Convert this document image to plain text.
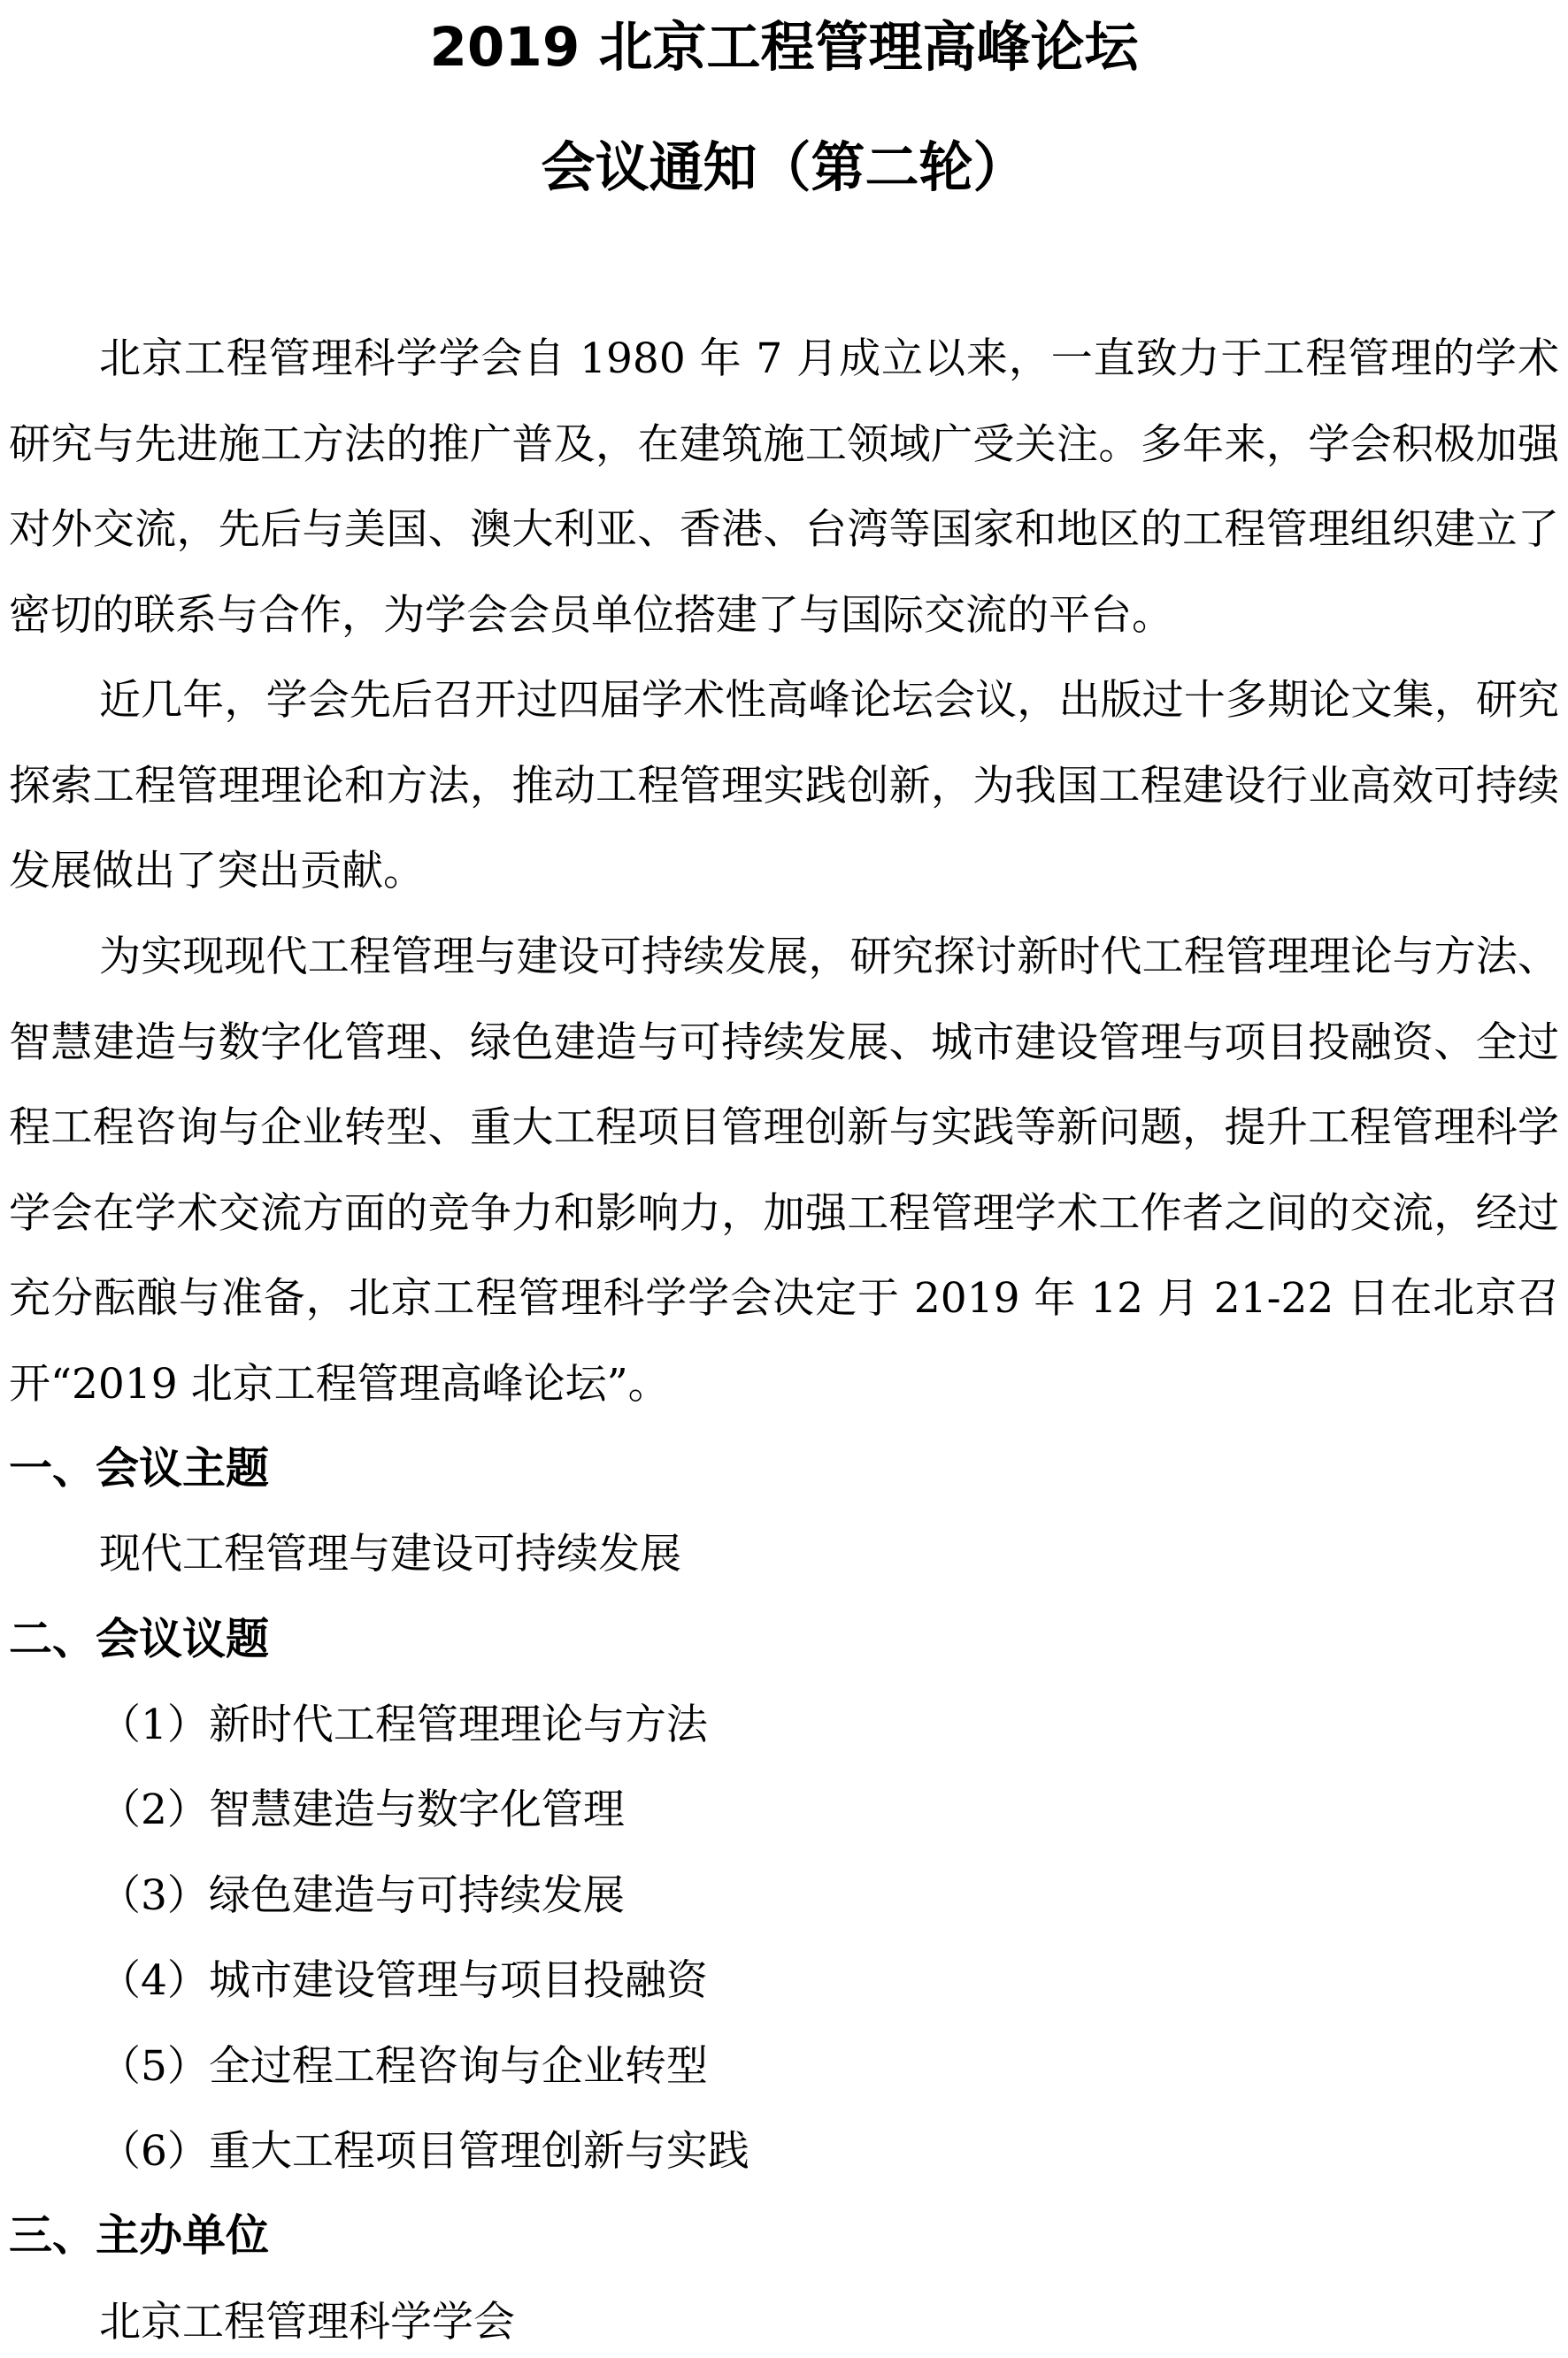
2019 北京工程管理高峰论坛
会议通知（第二轮）

北京工程管理科学学会自 1980 年 7 月成立以来，一直致力于工程管理的学术研究与先进施工方法的推广普及，在建筑施工领域广受关注。多年来，学会积极加强对外交流，先后与美国、澳大利亚、香港、台湾等国家和地区的工程管理组织建立了密切的联系与合作，为学会会员单位搭建了与国际交流的平台。

近几年，学会先后召开过四届学术性高峰论坛会议，出版过十多期论文集，研究探索工程管理理论和方法，推动工程管理实践创新，为我国工程建设行业高效可持续发展做出了突出贡献。

为实现现代工程管理与建设可持续发展，研究探讨新时代工程管理理论与方法、智慧建造与数字化管理、绿色建造与可持续发展、城市建设管理与项目投融资、全过程工程咨询与企业转型、重大工程项目管理创新与实践等新问题，提升工程管理科学学会在学术交流方面的竞争力和影响力，加强工程管理学术工作者之间的交流，经过充分酝酿与准备，北京工程管理科学学会决定于 2019 年 12 月 21-22 日在北京召开“2019 北京工程管理高峰论坛”。

一、会议主题
现代工程管理与建设可持续发展
二、会议议题
（1）新时代工程管理理论与方法
（2）智慧建造与数字化管理
（3）绿色建造与可持续发展
（4）城市建设管理与项目投融资
（5）全过程工程咨询与企业转型
（6）重大工程项目管理创新与实践
三、主办单位
北京工程管理科学学会
